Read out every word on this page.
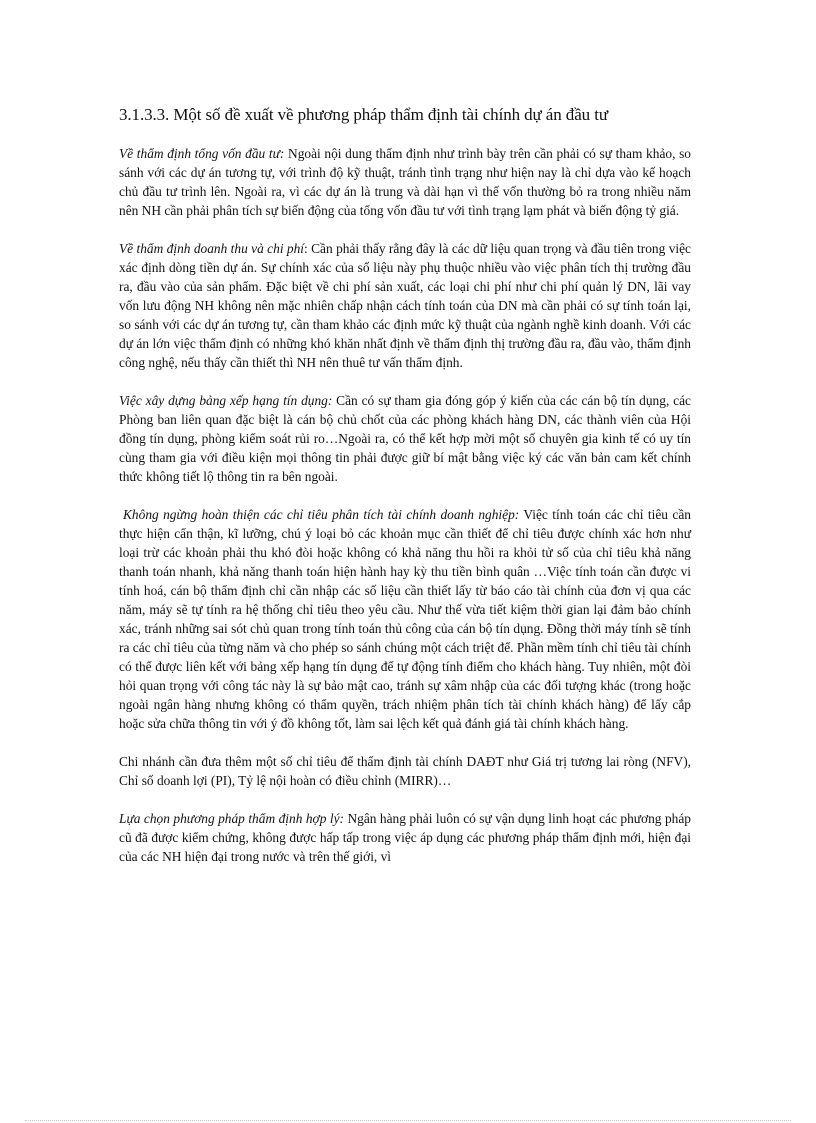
3.1.3.3. Một số đề xuất về phương pháp thẩm định tài chính dự án đầu tư

Về thẩm định tổng vốn đầu tư: Ngoài nội dung thẩm định như trình bày trên cần phải có sự tham khảo, so sánh với các dự án tương tự, với trình độ kỹ thuật, tránh tình trạng như hiện nay là chỉ dựa vào kế hoạch chủ đầu tư trình lên. Ngoài ra, vì các dự án là trung và dài hạn vì thế vốn thường bỏ ra trong nhiều năm nên NH cần phải phân tích sự biến động của tổng vốn đầu tư với tình trạng lạm phát và biến động tỷ giá.

Về thẩm định doanh thu và chi phí: Cần phải thấy rằng đây là các dữ liệu quan trọng và đầu tiên trong việc xác định dòng tiền dự án. Sự chính xác của số liệu này phụ thuộc nhiều vào việc phân tích thị trường đầu ra, đầu vào của sản phẩm. Đặc biệt về chi phí sản xuất, các loại chi phí như chi phí quản lý DN, lãi vay vốn lưu động NH không nên mặc nhiên chấp nhận cách tính toán của DN mà cần phải có sự tính toán lại, so sánh với các dự án tương tự, cần tham khảo các định mức kỹ thuật của ngành nghề kinh doanh. Với các dự án lớn việc thẩm định có những khó khăn nhất định về thẩm định thị trường đầu ra, đầu vào, thẩm định công nghệ, nếu thấy cần thiết thì NH nên thuê tư vấn thẩm định.

Việc xây dựng bảng xếp hạng tín dụng: Cần có sự tham gia đóng góp ý kiến của các cán bộ tín dụng, các Phòng ban liên quan đặc biệt là cán bộ chủ chốt của các phòng khách hàng DN, các thành viên của Hội đồng tín dụng, phòng kiểm soát rủi ro…Ngoài ra, có thể kết hợp mời một số chuyên gia kinh tế có uy tín cùng tham gia với điều kiện mọi thông tin phải được giữ bí mật bằng việc ký các văn bản cam kết chính thức không tiết lộ thông tin ra bên ngoài.

Không ngừng hoàn thiện các chỉ tiêu phân tích tài chính doanh nghiệp: Việc tính toán các chỉ tiêu cần thực hiện cẩn thận, kĩ lưỡng, chú ý loại bỏ các khoản mục cần thiết để chỉ tiêu được chính xác hơn như loại trừ các khoản phải thu khó đòi hoặc không có khả năng thu hồi ra khỏi tử số của chỉ tiêu khả năng thanh toán nhanh, khả năng thanh toán hiện hành hay kỳ thu tiền bình quân …Việc tính toán cần được vi tính hoá, cán bộ thẩm định chỉ cần nhập các số liệu cần thiết lấy từ báo cáo tài chính của đơn vị qua các năm, máy sẽ tự tính ra hệ thống chỉ tiêu theo yêu cầu. Như thế vừa tiết kiệm thời gian lại đảm bảo chính xác, tránh những sai sót chủ quan trong tính toán thủ công của cán bộ tín dụng. Đồng thời máy tính sẽ tính ra các chỉ tiêu của từng năm và cho phép so sánh chúng một cách triệt để. Phần mềm tính chỉ tiêu tài chính có thể được liên kết với bảng xếp hạng tín dụng để tự động tính điểm cho khách hàng. Tuy nhiên, một đòi hỏi quan trọng với công tác này là sự bảo mật cao, tránh sự xâm nhập của các đối tượng khác (trong hoặc ngoài ngân hàng nhưng không có thẩm quyền, trách nhiệm phân tích tài chính khách hàng) để lấy cắp hoặc sửa chữa thông tin với ý đồ không tốt, làm sai lệch kết quả đánh giá tài chính khách hàng.

Chi nhánh cần đưa thêm một số chỉ tiêu để thẩm định tài chính DAĐT như Giá trị tương lai ròng (NFV), Chỉ số doanh lợi (PI), Tỷ lệ nội hoàn có điều chỉnh (MIRR)…

Lựa chọn phương pháp thẩm định hợp lý: Ngân hàng phải luôn có sự vận dụng linh hoạt các phương pháp cũ đã được kiểm chứng, không được hấp tấp trong việc áp dụng các phương pháp thẩm định mới, hiện đại của các NH hiện đại trong nước và trên thế giới, vì
